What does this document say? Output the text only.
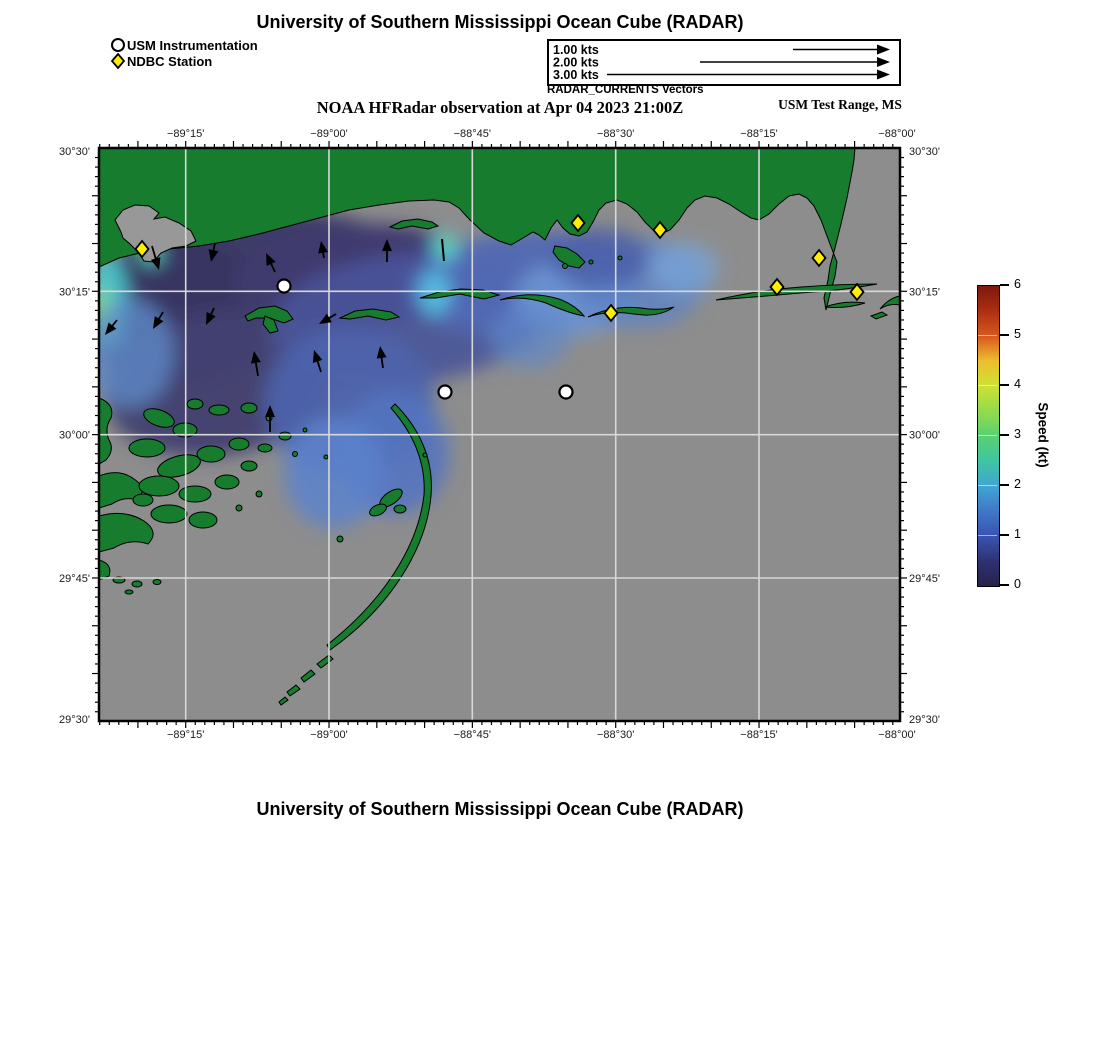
University of Southern Mississippi Ocean Cube (RADAR)
USM Instrumentation
NDBC Station
1.00 kts
2.00 kts
3.00 kts
RADAR_CURRENTS Vectors
NOAA HFRadar observation at Apr 04 2023 21:00Z	USM Test Range, MS
−89°15'
−89°15'
−89°00'
−89°00'
−88°45'
−88°45'
−88°30'
−88°30'
−88°15'
−88°15'
−88°00'
−88°00'
30°30'	30°30'
30°15'	30°15'
30°00'	30°00'
29°45'	29°45'
29°30'	29°30'
0
1
2
3
4
5
6
Speed (kt)
University of Southern Mississippi Ocean Cube (RADAR)
